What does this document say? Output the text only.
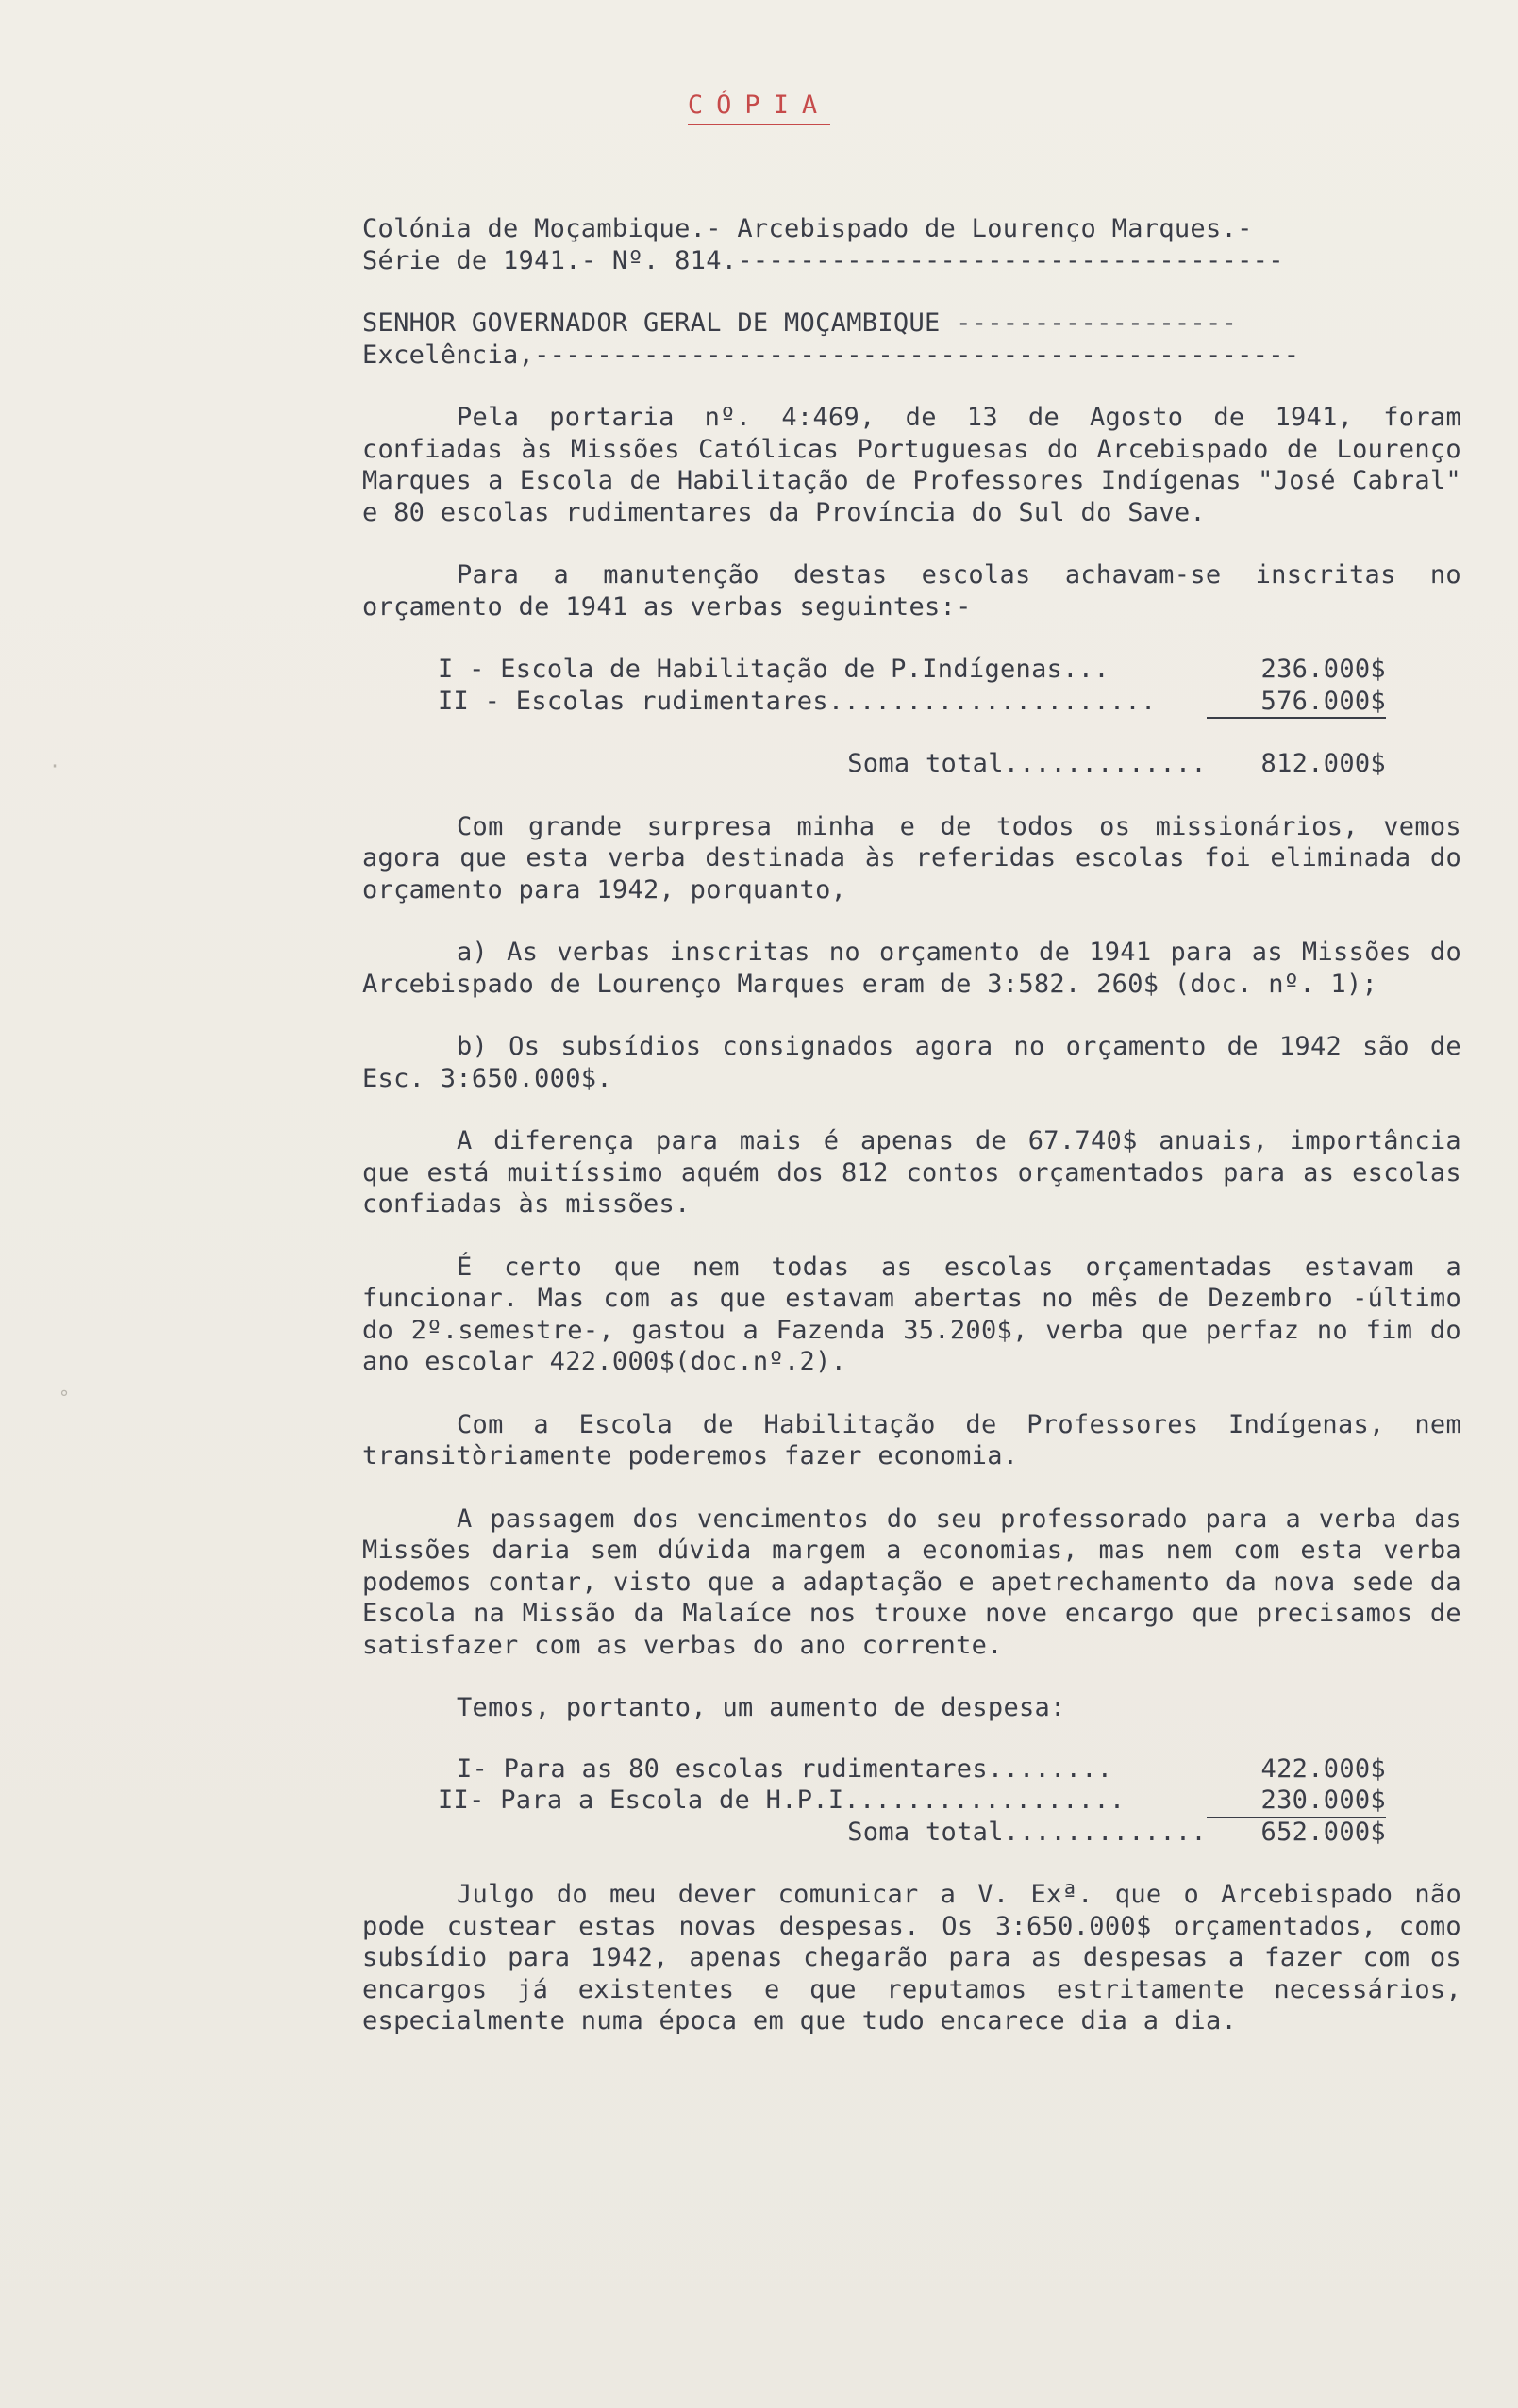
CÓPIA
Colónia de Moçambique.- Arcebispado de Lourenço Marques.-
Série de 1941.- Nº. 814.-----------------------------------
SENHOR GOVERNADOR GERAL DE MOÇAMBIQUE ------------------
Excelência,-------------------------------------------------

Pela portaria nº. 4:469, de 13 de Agosto de 1941, foram confiadas às Missões Católicas Portuguesas do Arcebispado de Lourenço Marques a Escola de Habilitação de Professores Indígenas "José Cabral" e 80 escolas rudimentares da Província do Sul do Save.

Para a manutenção destas escolas achavam-se inscritas no orçamento de 1941 as verbas seguintes:-

I - Escola de Habilitação de P.Indígenas...	236.000$
II - Escolas rudimentares.....................	576.000$
Soma total.............	812.000$

Com grande surpresa minha e de todos os missionários, vemos agora que esta verba destinada às referidas escolas foi eliminada do orçamento para 1942, porquanto,

a) As verbas inscritas no orçamento de 1941 para as Missões do Arcebispado de Lourenço Marques eram de 3:582. 260$ (doc. nº. 1);

b) Os subsídios consignados agora no orçamento de 1942 são de Esc. 3:650.000$.

A diferença para mais é apenas de 67.740$ anuais, importância que está muitíssimo aquém dos 812 contos orçamentados para as escolas confiadas às missões.

É certo que nem todas as escolas orçamentadas estavam a funcionar. Mas com as que estavam abertas no mês de Dezembro -último do 2º.semestre-, gastou a Fazenda 35.200$, verba que perfaz no fim do ano escolar 422.000$(doc.nº.2).

Com a Escola de Habilitação de Professores Indígenas, nem transitòriamente poderemos fazer economia.

A passagem dos vencimentos do seu professorado para a verba das Missões daria sem dúvida margem a economias, mas nem com esta verba podemos contar, visto que a adaptação e apetrechamento da nova sede da Escola na Missão da Malaíce nos trouxe nove encargo que precisamos de satisfazer com as verbas do ano corrente.

Temos, portanto, um aumento de despesa:

I- Para as 80 escolas rudimentares........	422.000$
II- Para a Escola de H.P.I..................	230.000$
Soma total.............	652.000$

Julgo do meu dever comunicar a V. Exª. que o Arcebispado não pode custear estas novas despesas. Os 3:650.000$ orçamentados, como subsídio para 1942, apenas chegarão para as despesas a fazer com os encargos já existentes e que reputamos estritamente necessários, especialmente numa época em que tudo encarece dia a dia.

·
°
